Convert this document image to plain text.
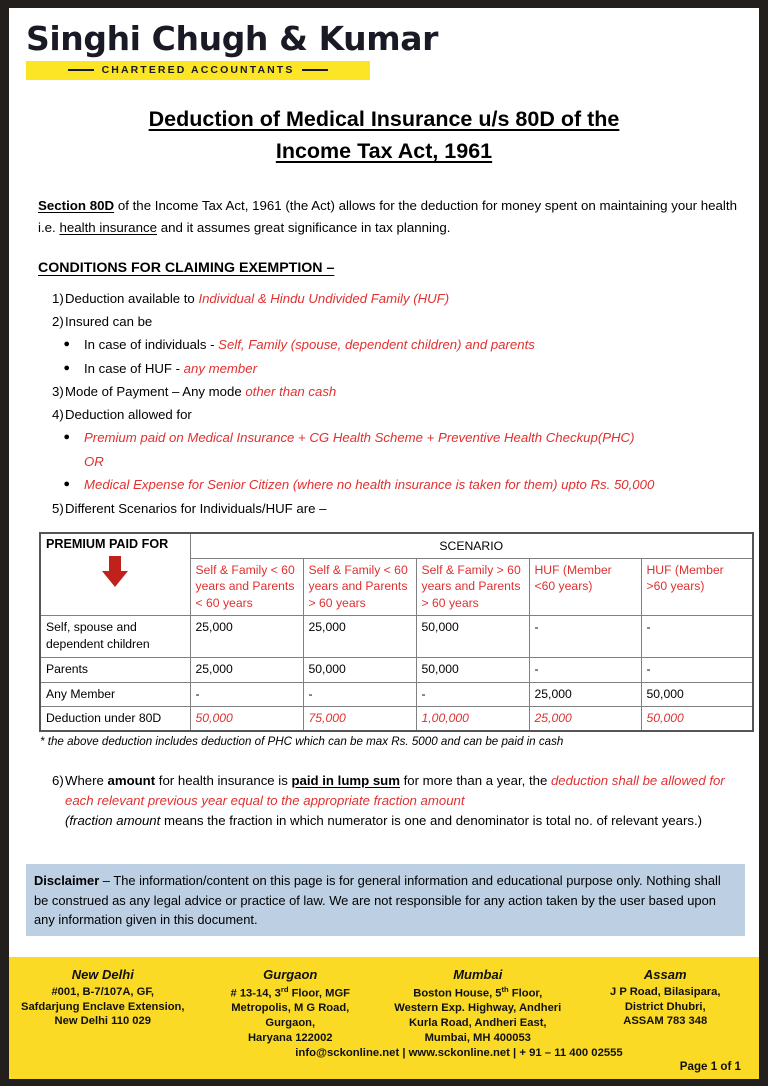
Singhi Chugh & Kumar
CHARTERED ACCOUNTANTS
Deduction of Medical Insurance u/s 80D of the
Income Tax Act, 1961
Section 80D of the Income Tax Act, 1961 (the Act) allows for the deduction for money spent on maintaining your health i.e. health insurance and it assumes great significance in tax planning.
CONDITIONS FOR CLAIMING EXEMPTION –
1) Deduction available to Individual & Hindu Undivided Family (HUF)
2) Insured can be
●	In case of individuals - Self, Family (spouse, dependent children) and parents
●	In case of HUF - any member
3) Mode of Payment – Any mode other than cash
4) Deduction allowed for
●	Premium paid on Medical Insurance + CG Health Scheme + Preventive Health Checkup(PHC)
OR
●	Medical Expense for Senior Citizen (where no health insurance is taken for them) upto Rs. 50,000
5) Different Scenarios for Individuals/HUF are –
PREMIUM PAID FOR	SCENARIO				
	Self & Family < 60 years and Parents < 60 years	Self & Family < 60 years and Parents > 60 years	Self & Family > 60 years and Parents > 60 years	HUF (Member <60 years)	HUF (Member >60 years)
Self, spouse and dependent children	25,000	25,000	50,000	-	-
Parents	25,000	50,000	50,000	-	-
Any Member	-	-	-	25,000	50,000
Deduction under 80D	50,000	75,000	1,00,000	25,000	50,000
* the above deduction includes deduction of PHC which can be max Rs. 5000 and can be paid in cash
6) Where amount for health insurance is paid in lump sum for more than a year, the deduction shall be allowed for each relevant previous year equal to the appropriate fraction amount
(fraction amount means the fraction in which numerator is one and denominator is total no. of relevant years.)
Disclaimer – The information/content on this page is for general information and educational purpose only. Nothing shall be construed as any legal advice or practice of law. We are not responsible for any action taken by the user based upon any information given in this document.
New Delhi
#001, B-7/107A, GF,
Safdarjung Enclave Extension,
New Delhi 110 029
Gurgaon
# 13-14, 3rd Floor, MGF
Metropolis, M G Road,
Gurgaon,
Haryana 122002
Mumbai
Boston House, 5th Floor,
Western Exp. Highway, Andheri
Kurla Road, Andheri East,
Mumbai, MH 400053
Assam
J P Road, Bilasipara,
District Dhubri,
ASSAM 783 348
info@sckonline.net | www.sckonline.net | + 91 – 11 400 02555
Page 1 of 1
